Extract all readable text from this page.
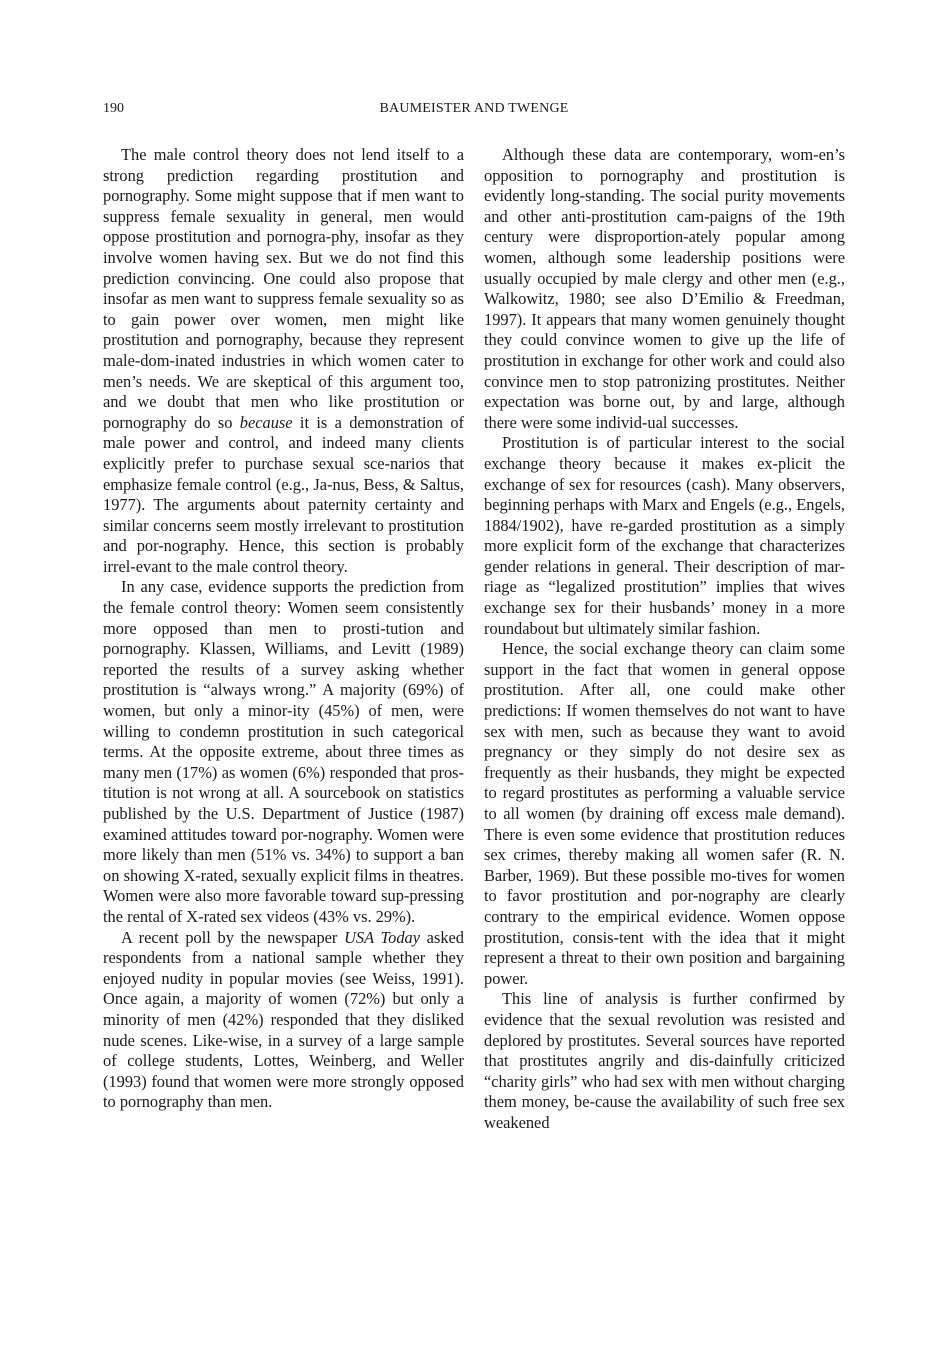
190	BAUMEISTER AND TWENGE

The male control theory does not lend itself to a strong prediction regarding prostitution and pornography. Some might suppose that if men want to suppress female sexuality in general, men would oppose prostitution and pornogra-phy, insofar as they involve women having sex. But we do not find this prediction convincing. One could also propose that insofar as men want to suppress female sexuality so as to gain power over women, men might like prostitution and pornography, because they represent male-dom-inated industries in which women cater to men’s needs. We are skeptical of this argument too, and we doubt that men who like prostitution or pornography do so because it is a demonstration of male power and control, and indeed many clients explicitly prefer to purchase sexual sce-narios that emphasize female control (e.g., Ja-nus, Bess, & Saltus, 1977). The arguments about paternity certainty and similar concerns seem mostly irrelevant to prostitution and por-nography. Hence, this section is probably irrel-evant to the male control theory.

In any case, evidence supports the prediction from the female control theory: Women seem consistently more opposed than men to prosti-tution and pornography. Klassen, Williams, and Levitt (1989) reported the results of a survey asking whether prostitution is “always wrong.” A majority (69%) of women, but only a minor-ity (45%) of men, were willing to condemn prostitution in such categorical terms. At the opposite extreme, about three times as many men (17%) as women (6%) responded that pros-titution is not wrong at all. A sourcebook on statistics published by the U.S. Department of Justice (1987) examined attitudes toward por-nography. Women were more likely than men (51% vs. 34%) to support a ban on showing X-rated, sexually explicit films in theatres. Women were also more favorable toward sup-pressing the rental of X-rated sex videos (43% vs. 29%).

A recent poll by the newspaper USA Today asked respondents from a national sample whether they enjoyed nudity in popular movies (see Weiss, 1991). Once again, a majority of women (72%) but only a minority of men (42%) responded that they disliked nude scenes. Like-wise, in a survey of a large sample of college students, Lottes, Weinberg, and Weller (1993) found that women were more strongly opposed to pornography than men.

Although these data are contemporary, wom-en’s opposition to pornography and prostitution is evidently long-standing. The social purity movements and other anti-prostitution cam-paigns of the 19th century were disproportion-ately popular among women, although some leadership positions were usually occupied by male clergy and other men (e.g., Walkowitz, 1980; see also D’Emilio & Freedman, 1997). It appears that many women genuinely thought they could convince women to give up the life of prostitution in exchange for other work and could also convince men to stop patronizing prostitutes. Neither expectation was borne out, by and large, although there were some individ-ual successes.

Prostitution is of particular interest to the social exchange theory because it makes ex-plicit the exchange of sex for resources (cash). Many observers, beginning perhaps with Marx and Engels (e.g., Engels, 1884/1902), have re-garded prostitution as a simply more explicit form of the exchange that characterizes gender relations in general. Their description of mar-riage as “legalized prostitution” implies that wives exchange sex for their husbands’ money in a more roundabout but ultimately similar fashion.

Hence, the social exchange theory can claim some support in the fact that women in general oppose prostitution. After all, one could make other predictions: If women themselves do not want to have sex with men, such as because they want to avoid pregnancy or they simply do not desire sex as frequently as their husbands, they might be expected to regard prostitutes as performing a valuable service to all women (by draining off excess male demand). There is even some evidence that prostitution reduces sex crimes, thereby making all women safer (R. N. Barber, 1969). But these possible mo-tives for women to favor prostitution and por-nography are clearly contrary to the empirical evidence. Women oppose prostitution, consis-tent with the idea that it might represent a threat to their own position and bargaining power.

This line of analysis is further confirmed by evidence that the sexual revolution was resisted and deplored by prostitutes. Several sources have reported that prostitutes angrily and dis-dainfully criticized “charity girls” who had sex with men without charging them money, be-cause the availability of such free sex weakened
